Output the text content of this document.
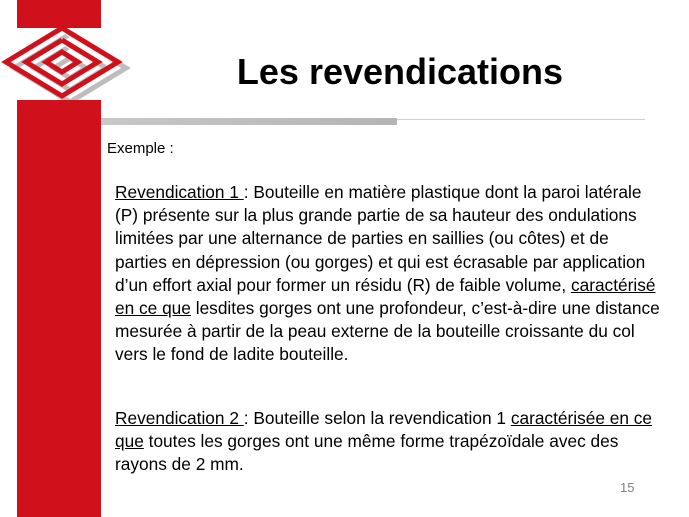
Les revendications
Exemple :

Revendication 1 : Bouteille en matière plastique dont la paroi latérale (P) présente sur la plus grande partie de sa hauteur des ondulations limitées par une alternance de parties en saillies (ou côtes) et de parties en dépression (ou gorges) et qui est écrasable par application d’un effort axial pour former un résidu (R) de faible volume, caractérisé en ce que lesdites gorges ont une profondeur, c’est-à-dire une distance mesurée à partir de la peau externe de la bouteille croissante du col vers le fond de ladite bouteille.

Revendication 2 : Bouteille selon la revendication 1 caractérisée en ce que toutes les gorges ont une même forme trapézoïdale avec des rayons de 2 mm.

15
